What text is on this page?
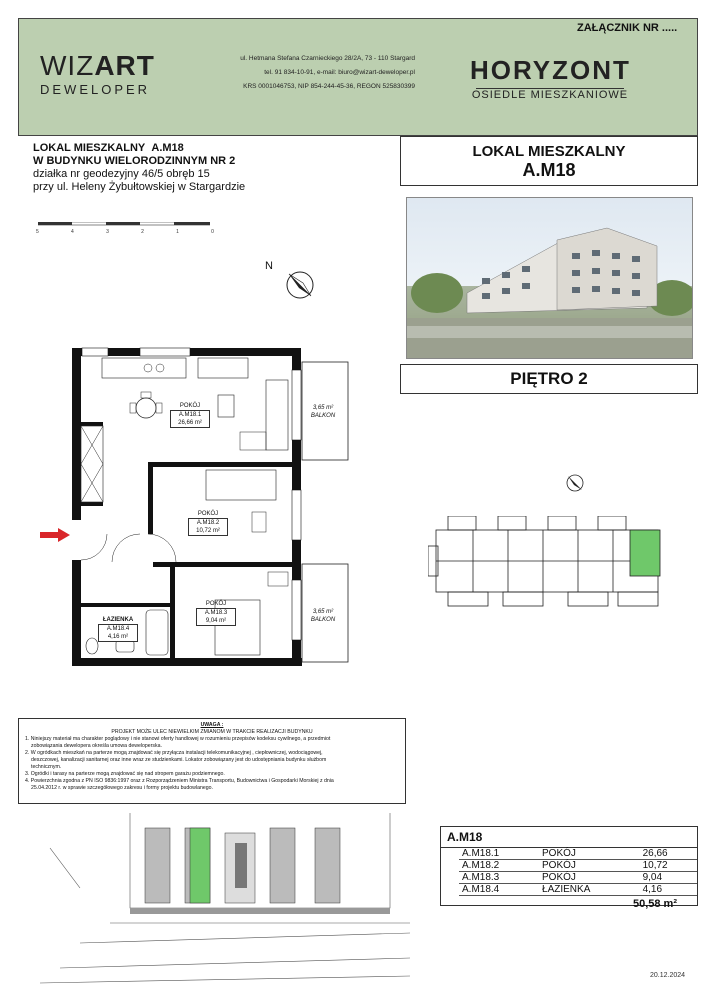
ZAŁĄCZNIK NR .....
WIZART
DEWELOPER
ul. Hetmana Stefana Czarnieckiego 28/2A, 73 - 110 Stargard
tel. 91 834-10-91, e-mail: biuro@wizart-deweloper.pl
KRS 0001046753, NIP 854-244-45-36, REGON 525830399
HORYZONT
OSIEDLE MIESZKANIOWE
LOKAL MIESZKALNY A.M18
W BUDYNKU WIELORODZINNYM NR 2
działka nr geodezyjny 46/5 obręb 15
przy ul. Heleny Żybułtowskiej w Stargardzie
5	4	3	2	1	0
N
POKÓJ
A.M18.1
26,66 m²
POKÓJ
A.M18.2
10,72 m²
POKÓJ
A.M18.3
9,04 m²
ŁAZIENKA
A.M18.4
4,16 m²
3,65 m²
BALKON
3,65 m²
BALKON
LOKAL MIESZKALNY
A.M18
PIĘTRO 2
UWAGA :
PROJEKT MOŻE ULEC NIEWIELKIM ZMIANOM W TRAKCIE REALIZACJI BUDYNKU

1. Niniejszy materiał ma charakter poglądowy i nie stanowi oferty handlowej w rozumieniu przepisów kodeksu cywilnego, a przedmiot

zobowiązania dewelopera określa umowa deweloperska.

2. W ogródkach mieszkań na parterze mogą znajdować się przyłącza instalacji telekomunikacyjnej , ciepłowniczej, wodociągowej,

deszczowej, kanalizacji sanitarnej oraz inne wraz ze studzienkami. Lokator zobowiązany jest do udostępniania budynku służbom

technicznym.

3. Ogródki i tarasy na parterze mogą znajdować się nad stropem garażu podziemnego.

4. Powierzchnia zgodna z PN ISO 9836:1997 oraz z Rozporządzeniem Ministra Transportu, Budownictwa i Gospodarki Morskiej z dnia

25.04.2012 r. w sprawie szczegółowego zakresu i formy projektu budowlanego.

A.M18
A.M18.1	POKÓJ	26,66
A.M18.2	POKÓJ	10,72
A.M18.3	POKÓJ	9,04
A.M18.4	ŁAZIENKA	4,16
50,58 m²
20.12.2024
